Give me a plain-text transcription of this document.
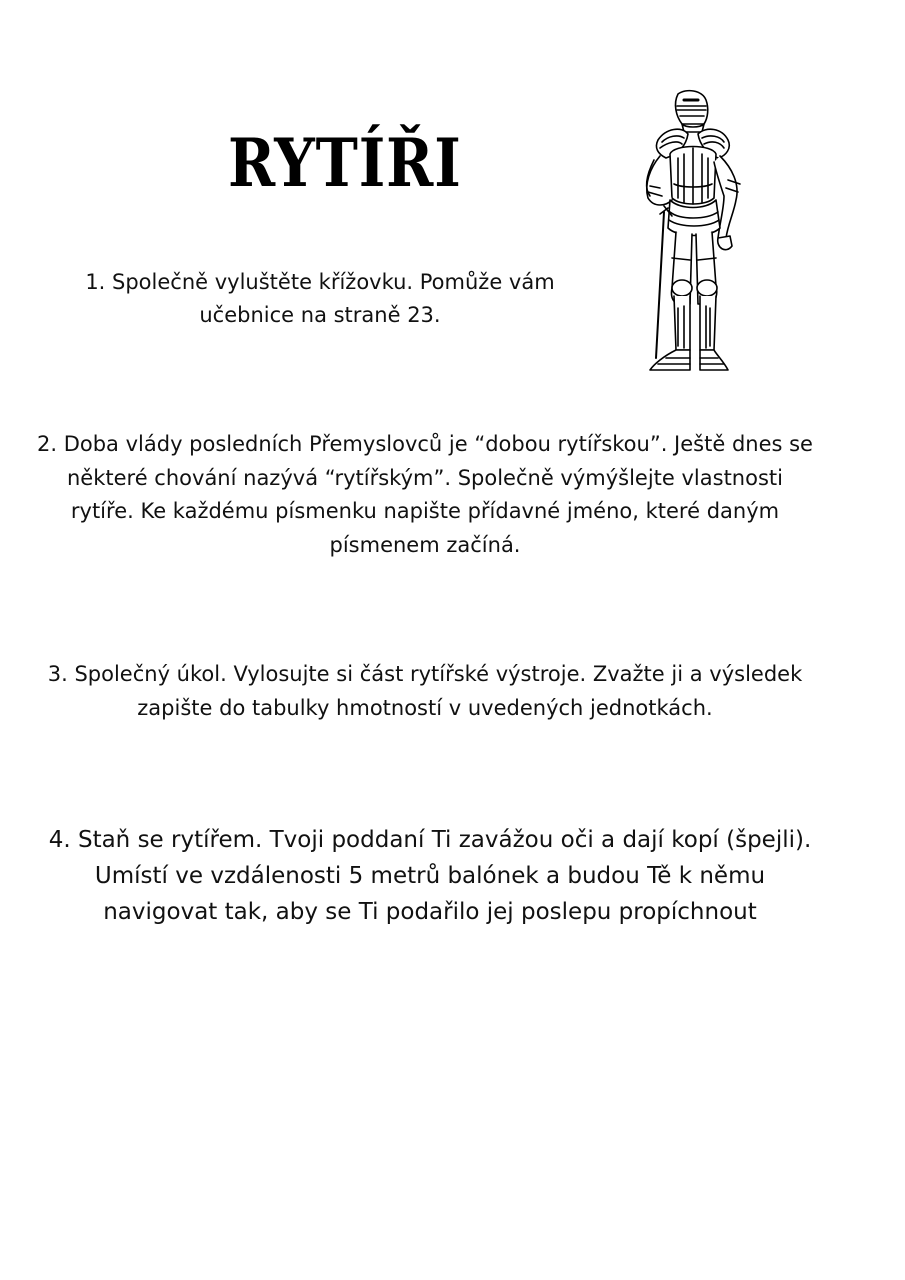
RYTÍŘI

1. Společně vyluštěte křížovku. Pomůže vám učebnice na straně 23.

2. Doba vlády posledních Přemyslovců je “dobou rytířskou”. Ještě dnes se některé chování nazývá “rytířským”. Společně výmýšlejte vlastnosti rytíře. Ke každému písmenku napište přídavné jméno, které daným písmenem začíná.

3. Společný úkol. Vylosujte si část rytířské výstroje. Zvažte ji a výsledek zapište do tabulky hmotností v uvedených jednotkách.

4. Staň se rytířem. Tvoji poddaní Ti zavážou oči a dají kopí (špejli). Umístí ve vzdálenosti 5 metrů balónek a budou Tě k němu navigovat tak, aby se Ti podařilo jej poslepu propíchnout
